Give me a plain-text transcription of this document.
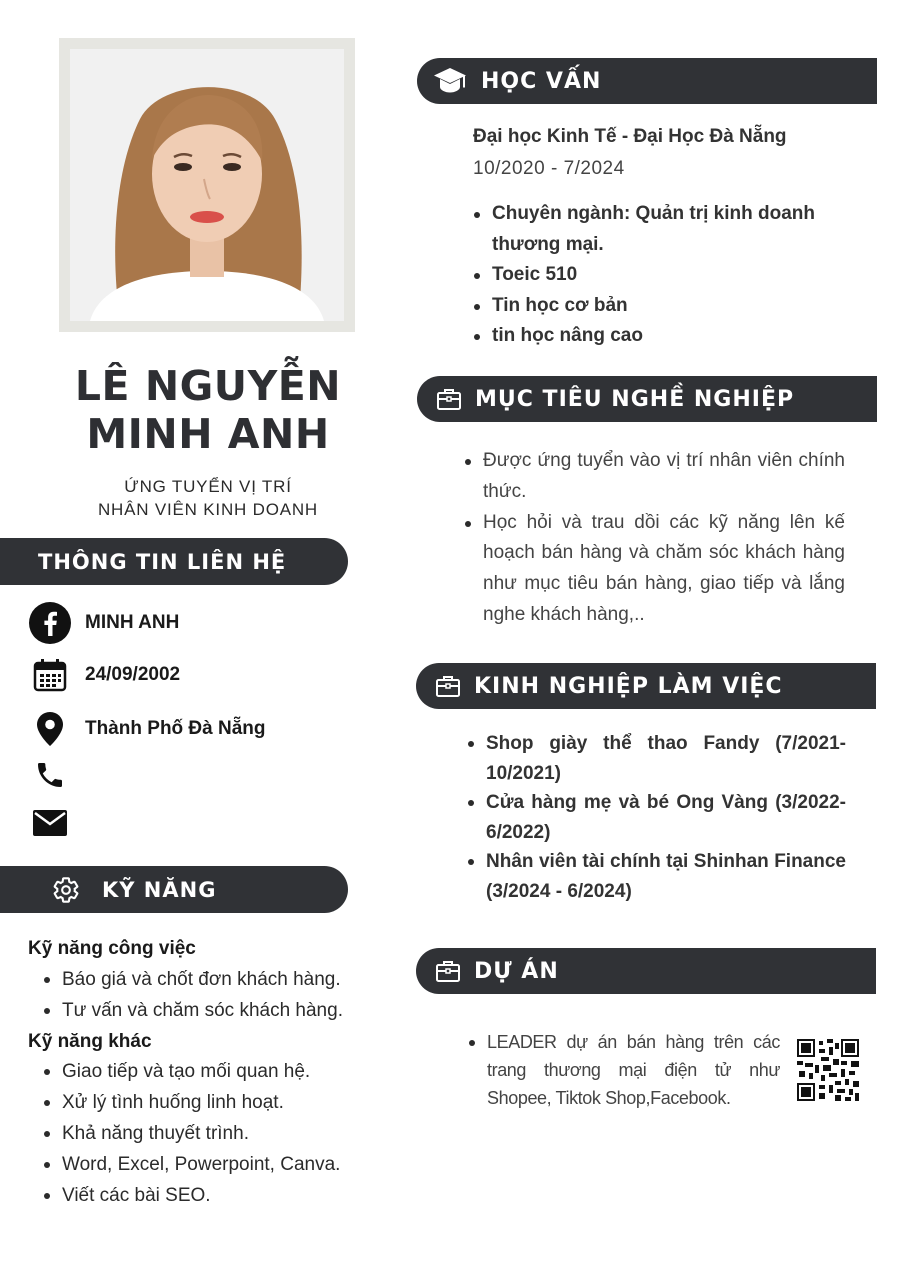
LÊ NGUYỄN
MINH ANH
ỨNG TUYỂN VỊ TRÍ
NHÂN VIÊN KINH DOANH
THÔNG TIN LIÊN HỆ
MINH ANH
24/09/2002
Thành Phố Đà Nẵng
KỸ NĂNG
Kỹ năng công việc
Báo giá và chốt đơn khách hàng.
Tư vấn và chăm sóc khách hàng.
Kỹ năng khác
Giao tiếp và tạo mối quan hệ.
Xử lý tình huống linh hoạt.
Khả năng thuyết trình.
Word, Excel, Powerpoint, Canva.
Viết các bài SEO.
HỌC VẤN
Đại học Kinh Tế - Đại Học Đà Nẵng
10/2020 - 7/2024
Chuyên ngành: Quản trị kinh doanh thương mại.
Toeic 510
Tin học cơ bản
tin học nâng cao
MỤC TIÊU NGHỀ NGHIỆP
Được ứng tuyển vào vị trí nhân viên chính thức.
Học hỏi và trau dồi các kỹ năng lên kế hoạch bán hàng và chăm sóc khách hàng như mục tiêu bán hàng, giao tiếp và lắng nghe khách hàng,..
KINH NGHIỆP LÀM VIỆC
Shop giày thể thao Fandy (7/2021- 10/2021)
Cửa hàng mẹ và bé Ong Vàng (3/2022- 6/2022)
Nhân viên tài chính tại Shinhan Finance (3/2024 - 6/2024)
DỰ ÁN
LEADER dự án bán hàng trên các trang thương mại điện tử như Shopee, Tiktok Shop,Facebook.
